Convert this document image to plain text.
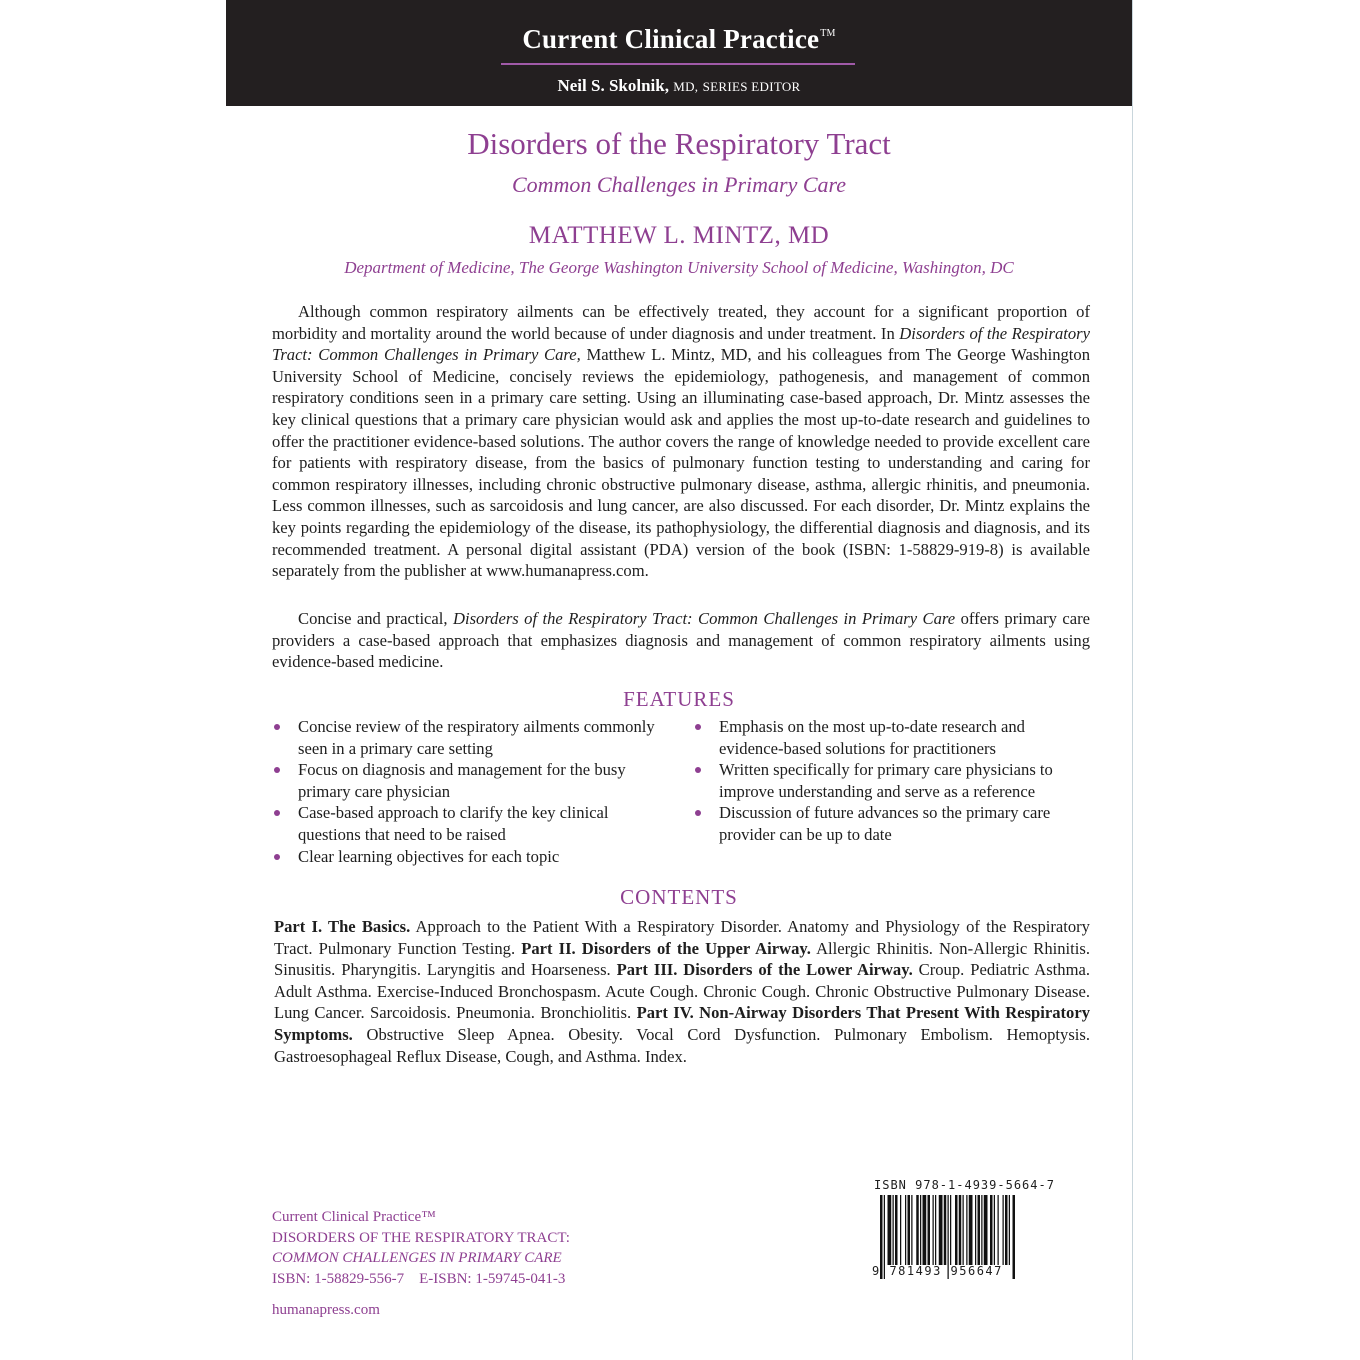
Current Clinical Practice™
Neil S. Skolnik, MD, SERIES EDITOR
Disorders of the Respiratory Tract
Common Challenges in Primary Care
MATTHEW L. MINTZ, MD
Department of Medicine, The George Washington University School of Medicine, Washington, DC
Although common respiratory ailments can be effectively treated, they account for a significant proportion of morbidity and mortality around the world because of under diagnosis and under treatment. In Disorders of the Respiratory Tract: Common Challenges in Primary Care, Matthew L. Mintz, MD, and his colleagues from The George Washington University School of Medicine, concisely reviews the epidemiology, pathogenesis, and management of common respiratory conditions seen in a primary care setting. Using an illuminating case-based approach, Dr. Mintz assesses the key clinical questions that a primary care physician would ask and applies the most up-to-date research and guidelines to offer the practitioner evidence-based solutions. The author covers the range of knowledge needed to provide excellent care for patients with respiratory disease, from the basics of pulmonary function testing to understanding and caring for common respiratory illnesses, including chronic obstructive pulmonary disease, asthma, allergic rhinitis, and pneumonia. Less common illnesses, such as sarcoidosis and lung cancer, are also discussed. For each disorder, Dr. Mintz explains the key points regarding the epidemiology of the disease, its pathophysiology, the differential diagnosis and diagnosis, and its recommended treatment. A personal digital assistant (PDA) version of the book (ISBN: 1-58829-919-8) is available separately from the publisher at www.humanapress.com.
Concise and practical, Disorders of the Respiratory Tract: Common Challenges in Primary Care offers primary care providers a case-based approach that emphasizes diagnosis and management of common respiratory ailments using evidence-based medicine.
FEATURES
Concise review of the respiratory ailments commonly seen in a primary care setting
Focus on diagnosis and management for the busy primary care physician
Case-based approach to clarify the key clinical questions that need to be raised
Clear learning objectives for each topic
Emphasis on the most up-to-date research and evidence-based solutions for practitioners
Written specifically for primary care physicians to improve understanding and serve as a reference
Discussion of future advances so the primary care provider can be up to date
CONTENTS
Part I. The Basics. Approach to the Patient With a Respiratory Disorder. Anatomy and Physiology of the Respiratory Tract. Pulmonary Function Testing. Part II. Disorders of the Upper Airway. Allergic Rhinitis. Non-Allergic Rhinitis. Sinusitis. Pharyngitis. Laryngitis and Hoarseness. Part III. Disorders of the Lower Airway. Croup. Pediatric Asthma. Adult Asthma. Exercise-Induced Bronchospasm. Acute Cough. Chronic Cough. Chronic Obstructive Pulmonary Disease. Lung Cancer. Sarcoidosis. Pneumonia. Bronchiolitis. Part IV. Non-Airway Disorders That Present With Respiratory Symptoms. Obstructive Sleep Apnea. Obesity. Vocal Cord Dysfunction. Pulmonary Embolism. Hemoptysis. Gastroesophageal Reflux Disease, Cough, and Asthma. Index.
Current Clinical Practice™
DISORDERS OF THE RESPIRATORY TRACT:
COMMON CHALLENGES IN PRIMARY CARE
ISBN: 1-58829-556-7    E-ISBN: 1-59745-041-3
humanapress.com
ISBN 978-1-4939-5664-7
9 781493 956647
